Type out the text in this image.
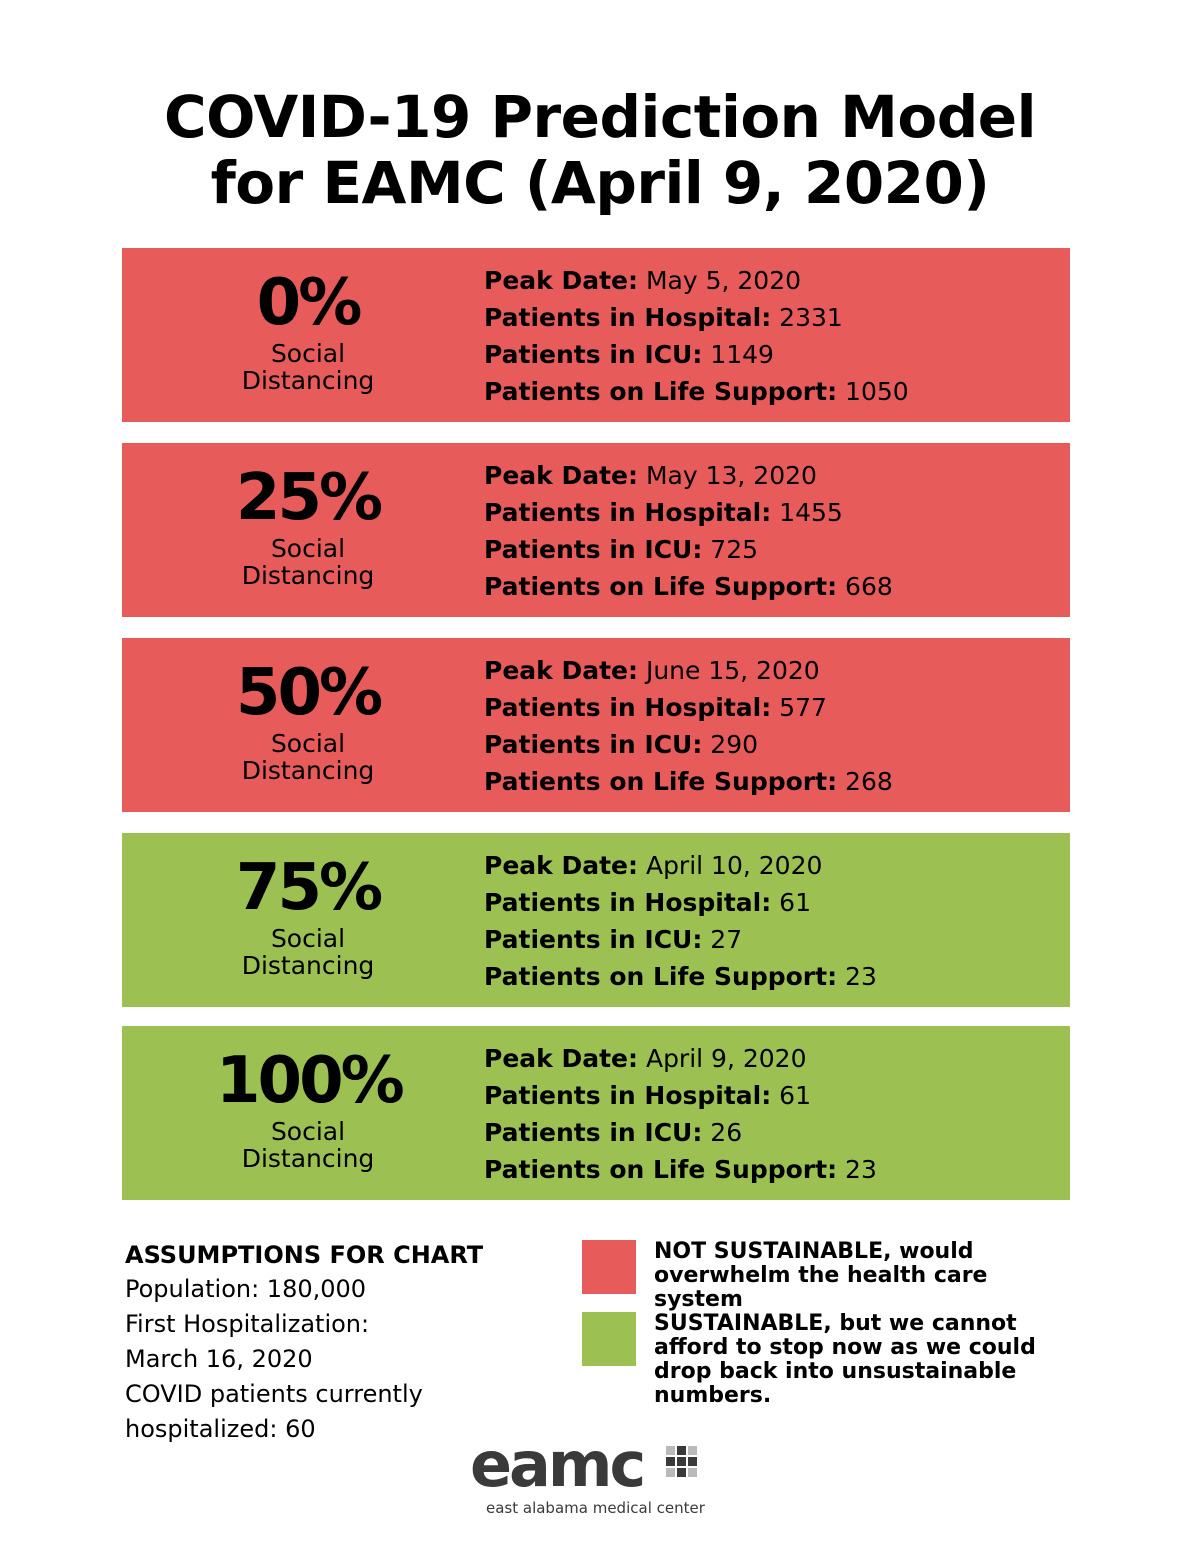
COVID-19 Prediction Model
for EAMC (April 9, 2020)
0%
Social
Distancing
Peak Date: May 5, 2020
Patients in Hospital: 2331
Patients in ICU: 1149
Patients on Life Support: 1050
25%
Social
Distancing
Peak Date: May 13, 2020
Patients in Hospital: 1455
Patients in ICU: 725
Patients on Life Support: 668
50%
Social
Distancing
Peak Date: June 15, 2020
Patients in Hospital: 577
Patients in ICU: 290
Patients on Life Support: 268
75%
Social
Distancing
Peak Date: April 10, 2020
Patients in Hospital: 61
Patients in ICU: 27
Patients on Life Support: 23
100%
Social
Distancing
Peak Date: April 9, 2020
Patients in Hospital: 61
Patients in ICU: 26
Patients on Life Support: 23
ASSUMPTIONS FOR CHART
Population: 180,000
First Hospitalization:
March 16, 2020
COVID patients currently
hospitalized: 60
NOT SUSTAINABLE, would
overwhelm the health care system
SUSTAINABLE, but we cannot
afford to stop now as we could
drop back into unsustainable
numbers.
eamc
east alabama medical center
